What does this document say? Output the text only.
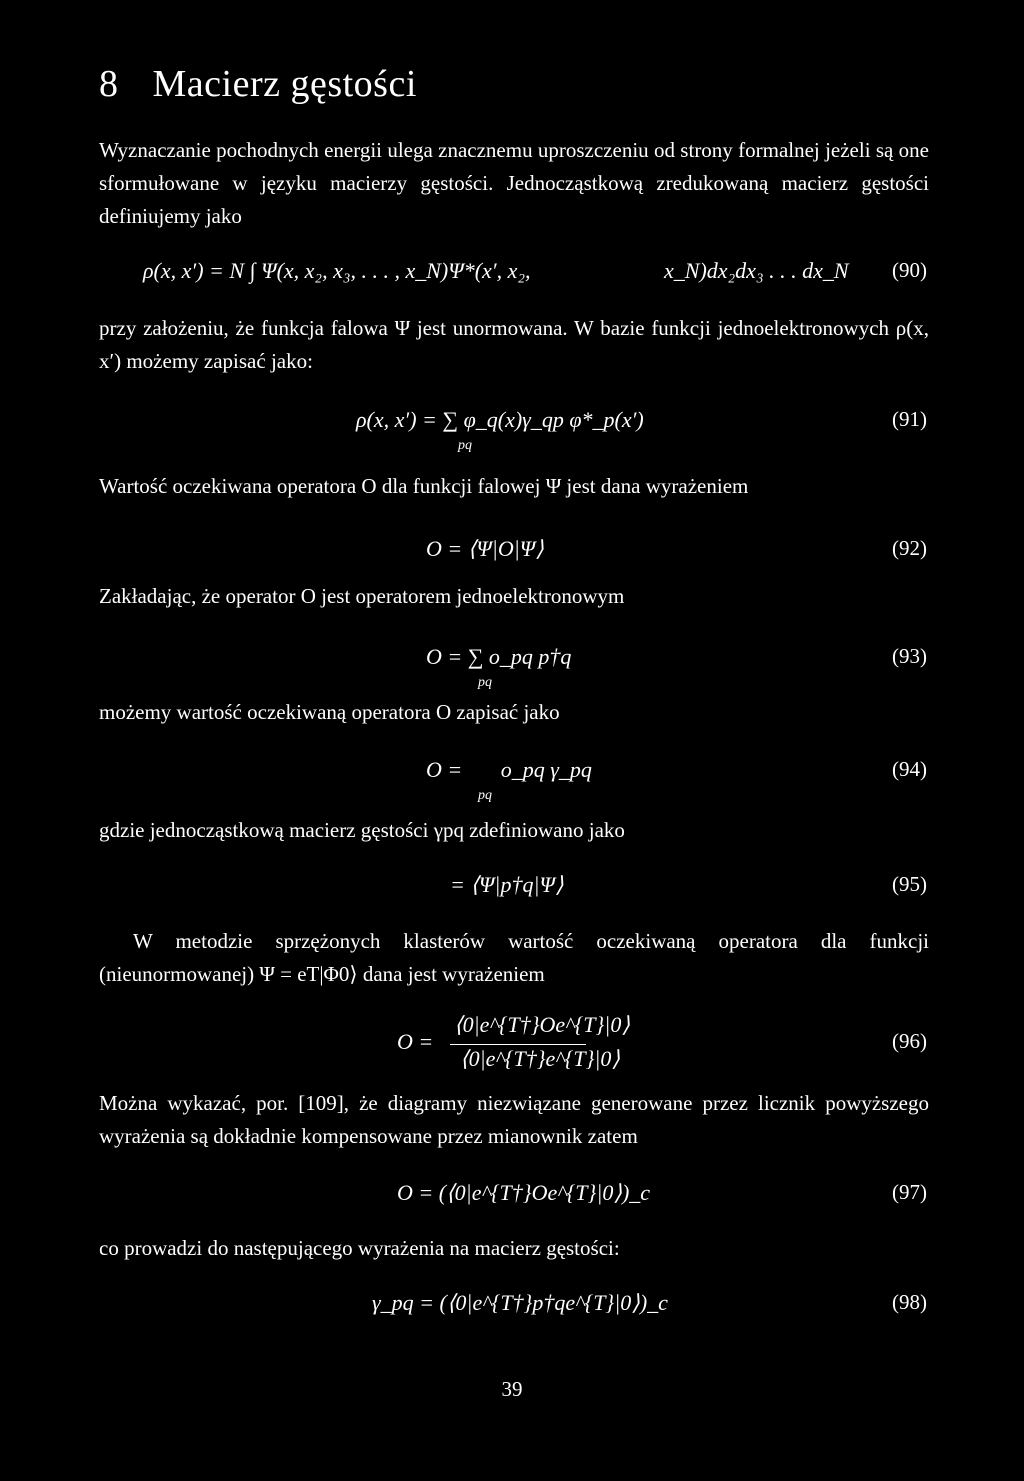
8 Macierz gęstości
Wyznaczanie pochodnych energii ulega znacznemu uproszczeniu od strony formalnej jeżeli są one sformułowane w języku macierzy gęstości. Jednocząstkową zredukowaną macierz gęstości definiujemy jako
ρ(x, x′) = N ∫ Ψ(x, x₂, x₃, . . . , x_N)Ψ*(x′, x₂,	x_N)dx₂dx₃ . . . dx_N (90)
przy założeniu, że funkcja falowa Ψ jest unormowana. W bazie funkcji jednoelektronowych ρ(x, x′) możemy zapisać jako:
ρ(x, x′) = ∑ φ_q(x)γ_qp φ*_p(x′)
pq
(91)
Wartość oczekiwana operatora O dla funkcji falowej Ψ jest dana wyrażeniem
O = ⟨Ψ|O|Ψ⟩	(92)
Zakładając, że operator O jest operatorem jednoelektronowym
O = ∑ o_pq p†q
pq
(93)
możemy wartość oczekiwaną operatora O zapisać jako
O =       o_pq γ_pq
pq
(94)
gdzie jednocząstkową macierz gęstości γpq zdefiniowano jako
= ⟨Ψ|p†q|Ψ⟩	(95)
W metodzie sprzężonych klasterów wartość oczekiwaną operatora dla funkcji (nieunormowanej) Ψ = eT|Φ0⟩ dana jest wyrażeniem
O =
⟨0|e^{T†}Oe^{T}|0⟩
⟨0|e^{T†}e^{T}|0⟩
(96)
Można wykazać, por. [109], że diagramy niezwiązane generowane przez licznik powyższego wyrażenia są dokładnie kompensowane przez mianownik zatem
O = (⟨0|e^{T†}Oe^{T}|0⟩)_c	(97)
co prowadzi do następującego wyrażenia na macierz gęstości:
γ_pq = (⟨0|e^{T†}p†qe^{T}|0⟩)_c	(98)
39
